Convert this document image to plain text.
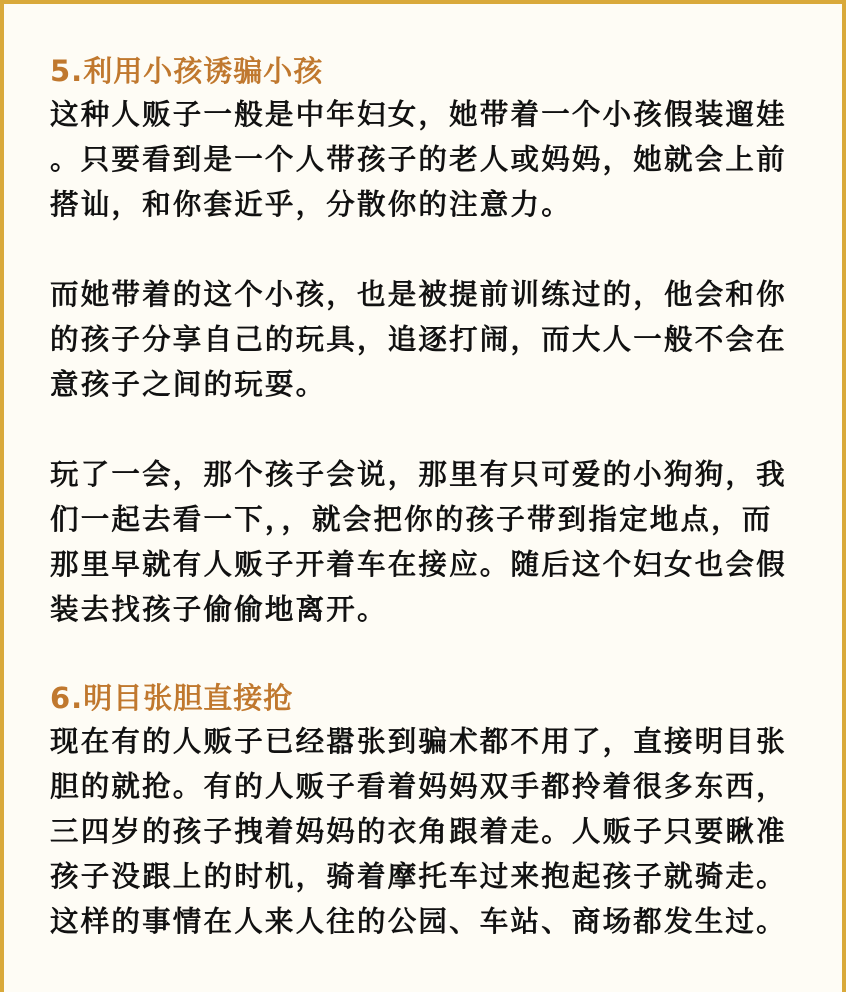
5.利用小孩诱骗小孩

这种人贩子一般是中年妇女，她带着一个小孩假装遛娃
。只要看到是一个人带孩子的老人或妈妈，她就会上前
搭讪，和你套近乎，分散你的注意力。

而她带着的这个小孩，也是被提前训练过的，他会和你
的孩子分享自己的玩具，追逐打闹，而大人一般不会在
意孩子之间的玩耍。

玩了一会，那个孩子会说，那里有只可爱的小狗狗，我
们一起去看一下，，就会把你的孩子带到指定地点，而
那里早就有人贩子开着车在接应。随后这个妇女也会假
装去找孩子偷偷地离开。

6.明目张胆直接抢

现在有的人贩子已经嚣张到骗术都不用了，直接明目张
胆的就抢。有的人贩子看着妈妈双手都拎着很多东西，
三四岁的孩子拽着妈妈的衣角跟着走。人贩子只要瞅准
孩子没跟上的时机，骑着摩托车过来抱起孩子就骑走。
这样的事情在人来人往的公园、车站、商场都发生过。
